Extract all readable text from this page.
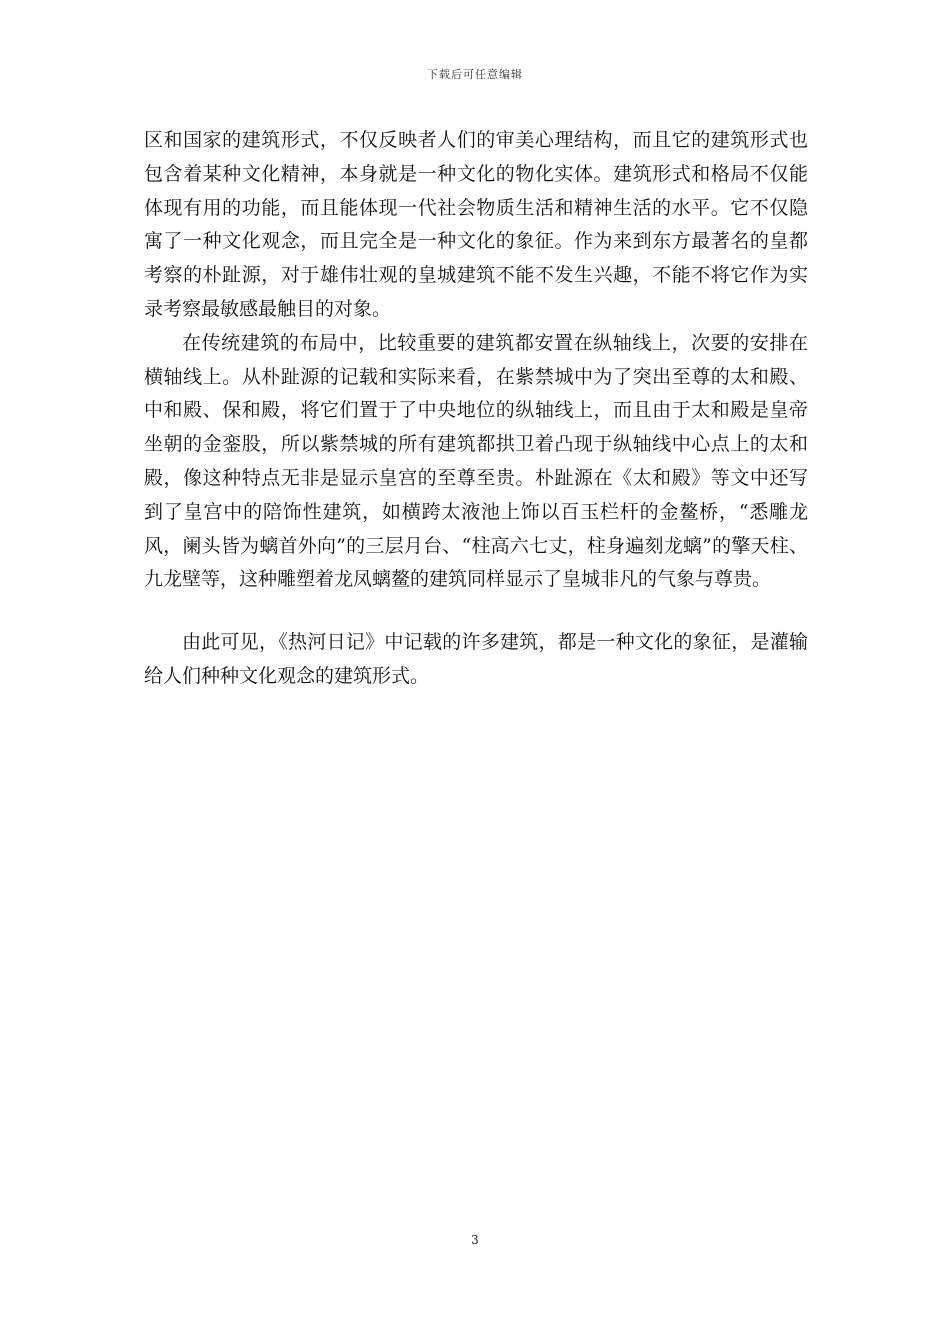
下载后可任意编辑

区和国家的建筑形式，不仅反映者人们的审美心理结构，而且它的建筑形式也包含着某种文化精神，本身就是一种文化的物化实体。建筑形式和格局不仅能体现有用的功能，而且能体现一代社会物质生活和精神生活的水平。它不仅隐寓了一种文化观念，而且完全是一种文化的象征。作为来到东方最著名的皇都考察的朴趾源，对于雄伟壮观的皇城建筑不能不发生兴趣，不能不将它作为实录考察最敏感最触目的对象。

在传统建筑的布局中，比较重要的建筑都安置在纵轴线上，次要的安排在横轴线上。从朴趾源的记载和实际来看，在紫禁城中为了突出至尊的太和殿、中和殿、保和殿，将它们置于了中央地位的纵轴线上，而且由于太和殿是皇帝坐朝的金銮股，所以紫禁城的所有建筑都拱卫着凸现于纵轴线中心点上的太和殿，像这种特点无非是显示皇宫的至尊至贵。朴趾源在《太和殿》等文中还写到了皇宫中的陪饰性建筑，如横跨太液池上饰以百玉栏杆的金鳌桥，“悉雕龙风，阑头皆为螭首外向”的三层月台、“柱高六七丈，柱身遍刻龙螭”的擎天柱、九龙壁等，这种雕塑着龙凤螭鳌的建筑同样显示了皇城非凡的气象与尊贵。

由此可见，《热河日记》中记载的许多建筑，都是一种文化的象征，是灌输给人们种种文化观念的建筑形式。

3
